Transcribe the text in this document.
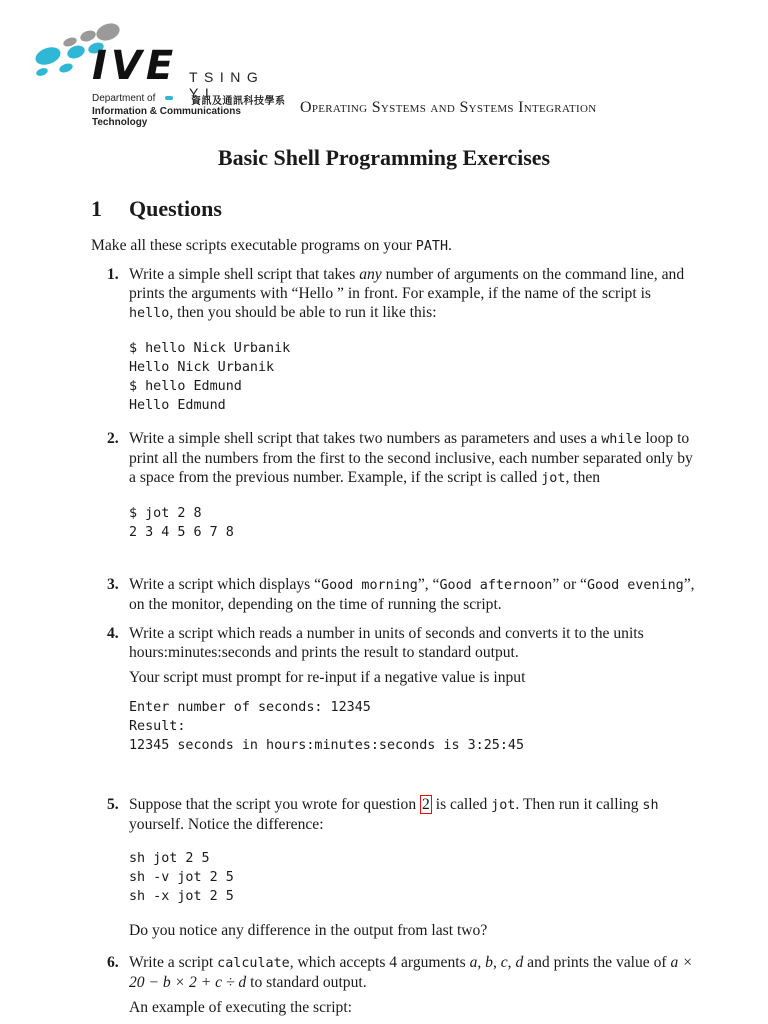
IVE TSING YI
Department of	資訊及通訊科技學系
Information & Communications Technology
Operating Systems and Systems Integration
Basic Shell Programming Exercises
1 Questions
Make all these scripts executable programs on your PATH.
1. Write a simple shell script that takes any number of arguments on the command line, and prints the arguments with “Hello ” in front. For example, if the name of the script is hello, then you should be able to run it like this:

$ hello Nick Urbanik
Hello Nick Urbanik
$ hello Edmund
Hello Edmund
2. Write a simple shell script that takes two numbers as parameters and uses a while loop to print all the numbers from the first to the second inclusive, each number separated only by a space from the previous number. Example, if the script is called jot, then

$ jot 2 8
2 3 4 5 6 7 8
3. Write a script which displays “Good morning”, “Good afternoon” or “Good evening”, on the monitor, depending on the time of running the script.

4. Write a script which reads a number in units of seconds and converts it to the units hours:minutes:seconds and prints the result to standard output.

Your script must prompt for re-input if a negative value is input

Enter number of seconds: 12345
Result:
12345 seconds in hours:minutes:seconds is 3:25:45
5. Suppose that the script you wrote for question 2 is called jot. Then run it calling sh yourself. Notice the difference:

sh jot 2 5
sh -v jot 2 5
sh -x jot 2 5

Do you notice any difference in the output from last two?

6. Write a script calculate, which accepts 4 arguments a, b, c, d and prints the value of a × 20 − b × 2 + c ÷ d to standard output.

An example of executing the script:
